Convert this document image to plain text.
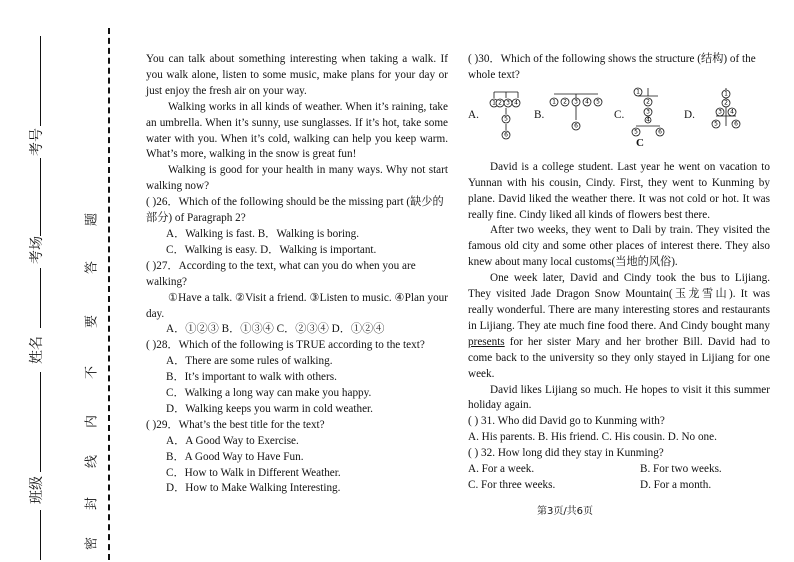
考号
考场
姓名
班级
题
答
要
不
内
线
封
密

You can talk about something interesting when taking a walk. If you walk alone, listen to some music, make plans for your day or just enjoy the fresh air on your way.

Walking works in all kinds of weather. When it’s raining, take an umbrella. When it’s sunny, use sunglasses. If it’s hot, take some water with you. When it’s cold, walking can help you keep warm. What’s more, walking in the snow is great fun!

Walking is good for your health in many ways. Why not start walking now?

( )26．Which of the following should be the missing part (缺少的部分) of Paragraph 2?

A．Walking is fast. B．Walking is boring.

C．Walking is easy. D．Walking is important.

( )27．According to the text, what can you do when you are walking?

①Have a talk. ②Visit a friend. ③Listen to music. ④Plan your day.

A．①②③ B．①③④ C．②③④ D．①②④

( )28．Which of the following is TRUE according to the text?

A．There are some rules of walking.

B．It’s important to walk with others.

C．Walking a long way can make you happy.

D．Walking keeps you warm in cold weather.

( )29．What’s the best title for the text?

A．A Good Way to Exercise.

B．A Good Way to Have Fun.

C．How to Walk in Different Weather.

D．How to Make Walking Interesting.

( )30．Which of the following shows the structure (结构) of the whole text?

A.
1 2 3 4
5
6
B.
1 2 3 4 5
6
C.
1
2
3
4
5	6
C
D.
1
2
3 4
5	6

David is a college student. Last year he went on vacation to Yunnan with his cousin, Cindy. First, they went to Kunming by plane. David liked the weather there. It was not cold or hot. It was really fine. Cindy liked all kinds of flowers best there.

After two weeks, they went to Dali by train. They visited the famous old city and some other places of interest there. They also knew about many local customs(当地的风俗).

One week later, David and Cindy took the bus to Lijiang. They visited Jade Dragon Snow Mountain(玉龙雪山). It was really wonderful. There are many interesting stores and restaurants in Lijiang. They ate much fine food there. And Cindy bought many presents for her sister Mary and her brother Bill. David had to come back to the university so they only stayed in Lijiang for one week.

David likes Lijiang so much. He hopes to visit it this summer holiday again.

( ) 31. Who did David go to Kunming with?

A. His parents. B. His friend. C. His cousin. D. No one.

( ) 32. How long did they stay in Kunming?

A. For a week.	B. For two weeks.
C. For three weeks.	D. For a month.
第3页/共6页
